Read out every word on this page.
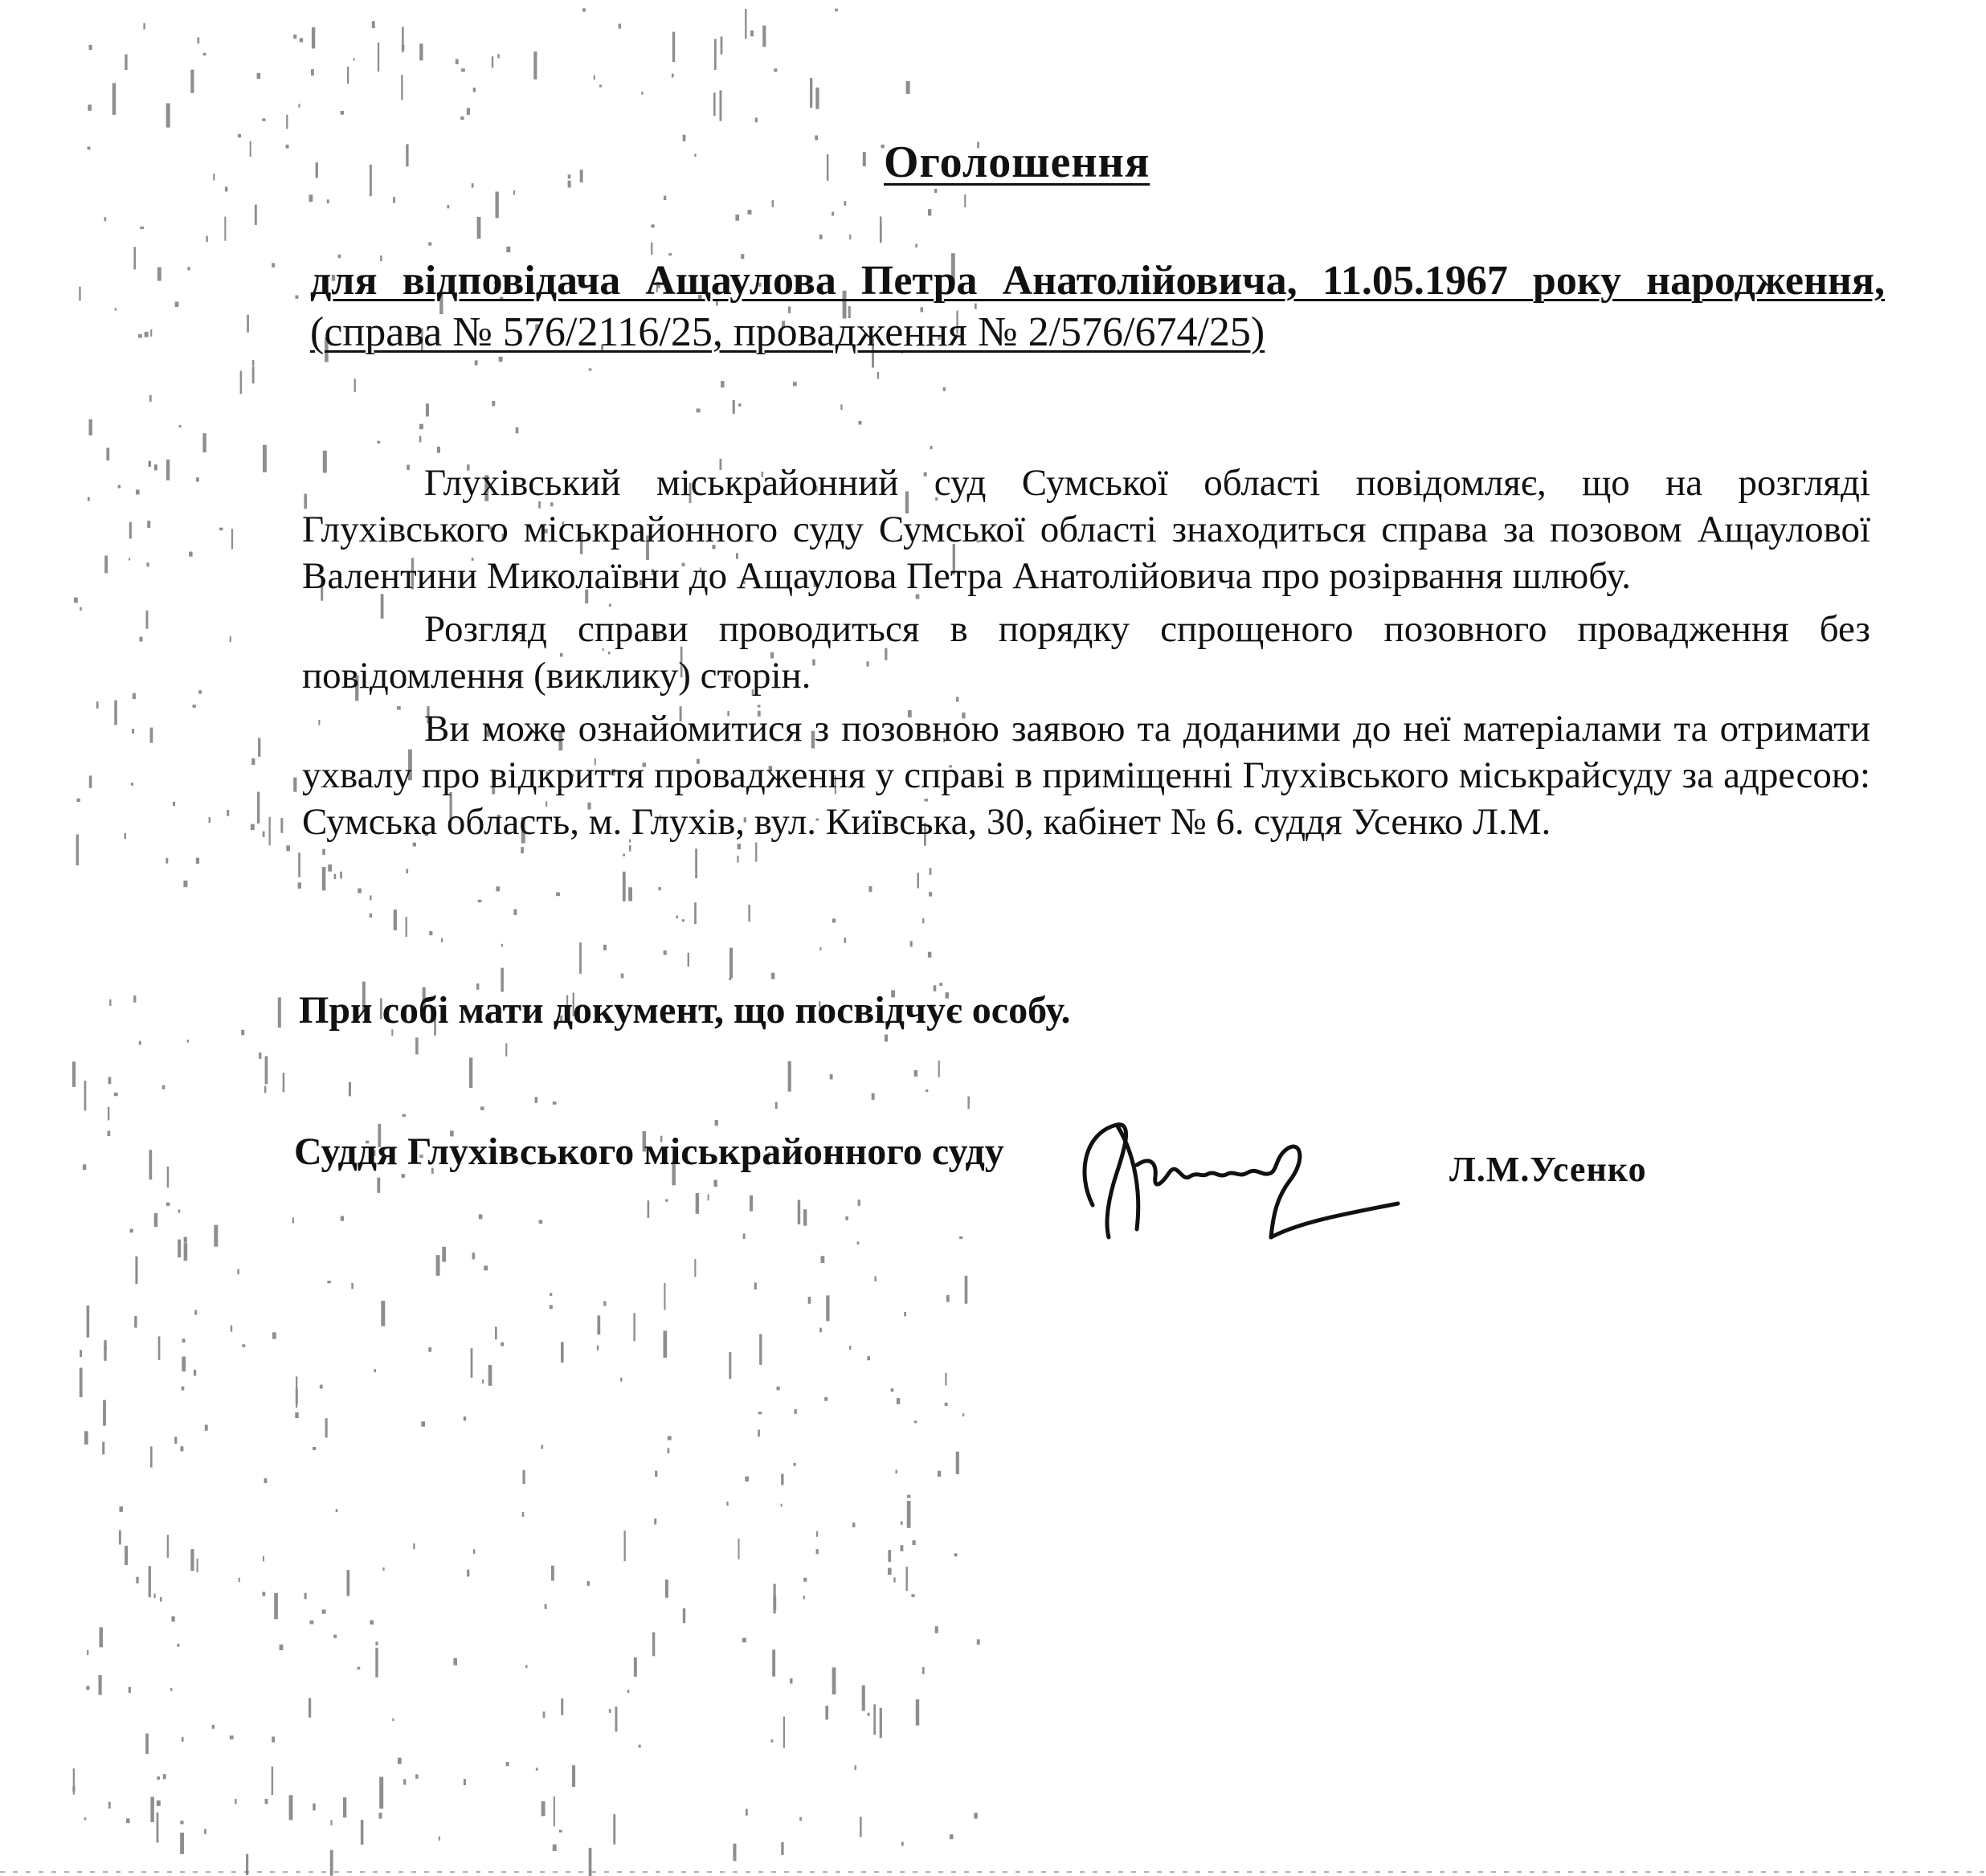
Оголошення
для відповідача Ащаулова Петра Анатолійовича, 11.05.1967 року народження, (справа № 576/2116/25, провадження № 2/576/674/25)

Глухівський міськрайонний суд Сумської області повідомляє, що на розгляді Глухівського міськрайонного суду Сумської області знаходиться справа за позовом Ащаулової Валентини Миколаївни до Ащаулова Петра Анатолійовича про розірвання шлюбу.

Розгляд справи проводиться в порядку спрощеного позовного провадження без повідомлення (виклику) сторін.

Ви може ознайомитися з позовною заявою та доданими до неї матеріалами та отримати ухвалу про відкриття провадження у справі в приміщенні Глухівського міськрайсуду за адресою: Сумська область, м. Глухів, вул. Київська, 30, кабінет № 6. суддя Усенко Л.М.

При собі мати документ, що посвідчує особу.
Суддя Глухівського міськрайонного суду	Л.М.Усенко
